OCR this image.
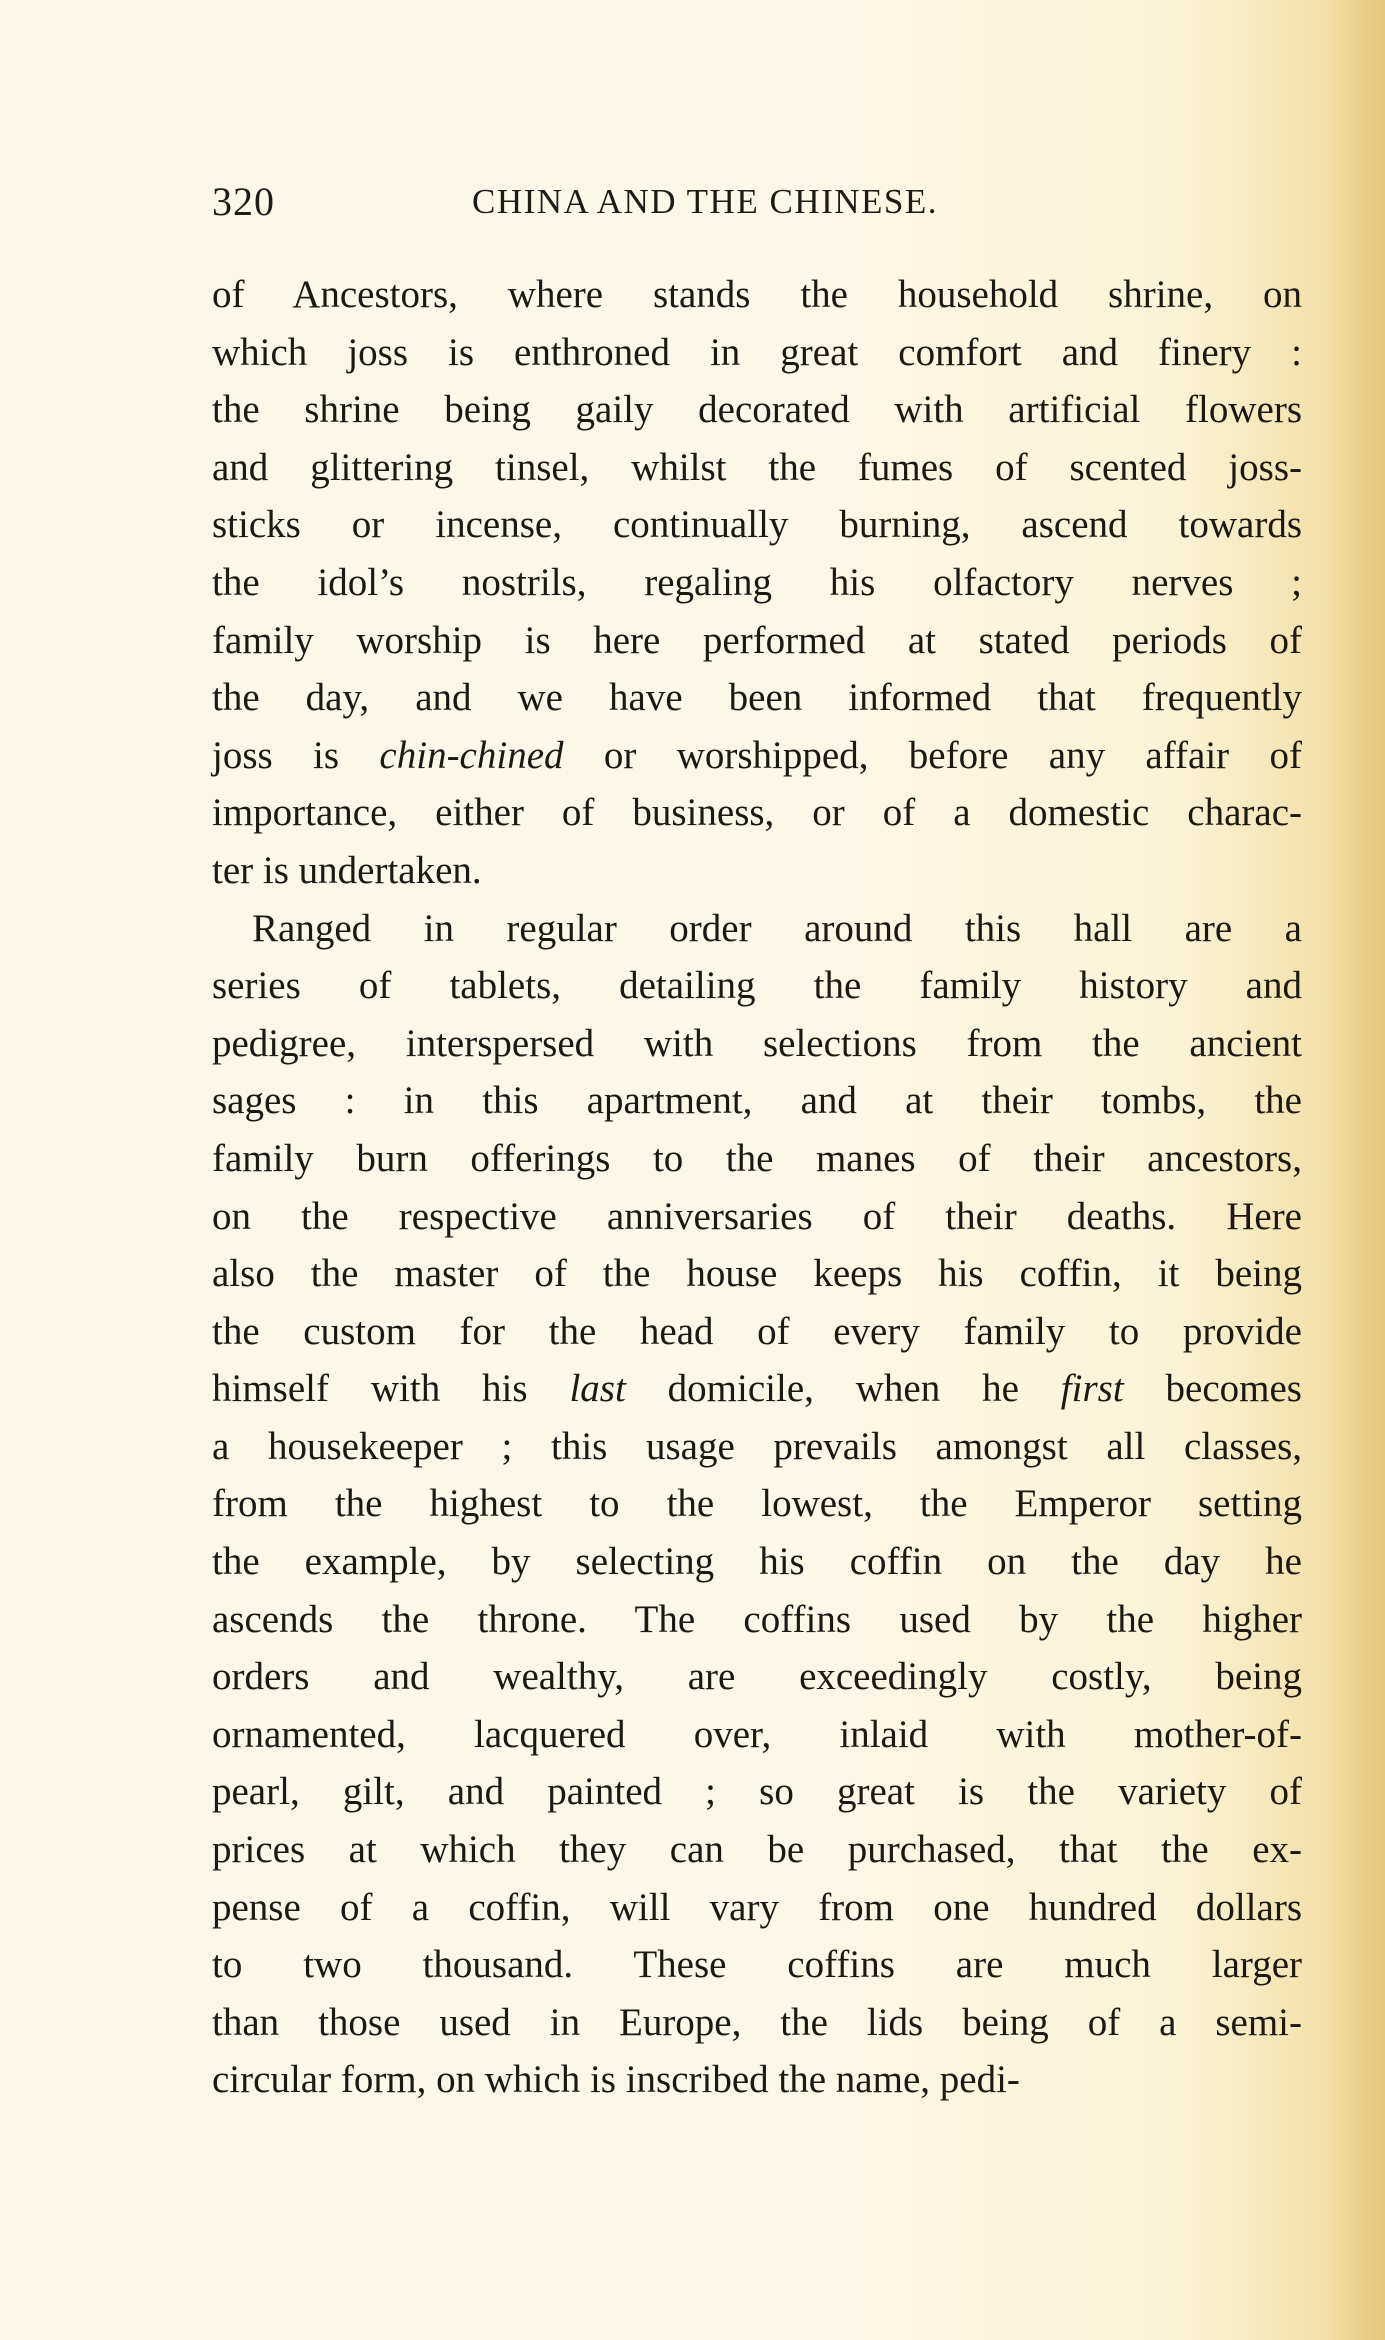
320	CHINA AND THE CHINESE.
of Ancestors, where stands the household shrine, on
which joss is enthroned in great comfort and finery :
the shrine being gaily decorated with artificial flowers
and glittering tinsel, whilst the fumes of scented joss-
sticks or incense, continually burning, ascend towards
the idol’s nostrils, regaling his olfactory nerves ;
family worship is here performed at stated periods of
the day, and we have been informed that frequently
joss is chin-chined or worshipped, before any affair of
importance, either of business, or of a domestic charac-
ter is undertaken.
Ranged in regular order around this hall are a
series of tablets, detailing the family history and
pedigree, interspersed with selections from the ancient
sages : in this apartment, and at their tombs, the
family burn offerings to the manes of their ancestors,
on the respective anniversaries of their deaths. Here
also the master of the house keeps his coffin, it being
the custom for the head of every family to provide
himself with his last domicile, when he first becomes
a housekeeper ; this usage prevails amongst all classes,
from the highest to the lowest, the Emperor setting
the example, by selecting his coffin on the day he
ascends the throne. The coffins used by the higher
orders and wealthy, are exceedingly costly, being
ornamented, lacquered over, inlaid with mother-of-
pearl, gilt, and painted ; so great is the variety of
prices at which they can be purchased, that the ex-
pense of a coffin, will vary from one hundred dollars
to two thousand. These coffins are much larger
than those used in Europe, the lids being of a semi-
circular form, on which is inscribed the name, pedi-
